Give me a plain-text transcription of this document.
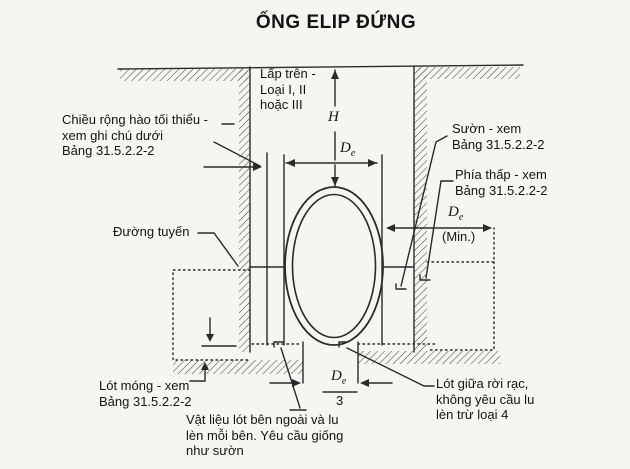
ỐNG ELIP ĐỨNG
Lấp trên -
Loại I, II
hoặc III
Chiều rộng hào tối thiểu -
xem ghi chú dưới
Bảng 31.5.2.2-2
Đường tuyến
Sườn - xem
Bảng 31.5.2.2-2
Phía thấp - xem
Bảng 31.5.2.2-2
Lót móng - xem
Bảng 31.5.2.2-2
Vật liệu lót bên ngoài và lu
lèn mỗi bên. Yêu cầu giống
như sườn
Lót giữa rời rạc,
không yêu cầu lu
lèn trừ loại 4
H
$D_e$
$D_e$
(Min.)
$D_e$
3
